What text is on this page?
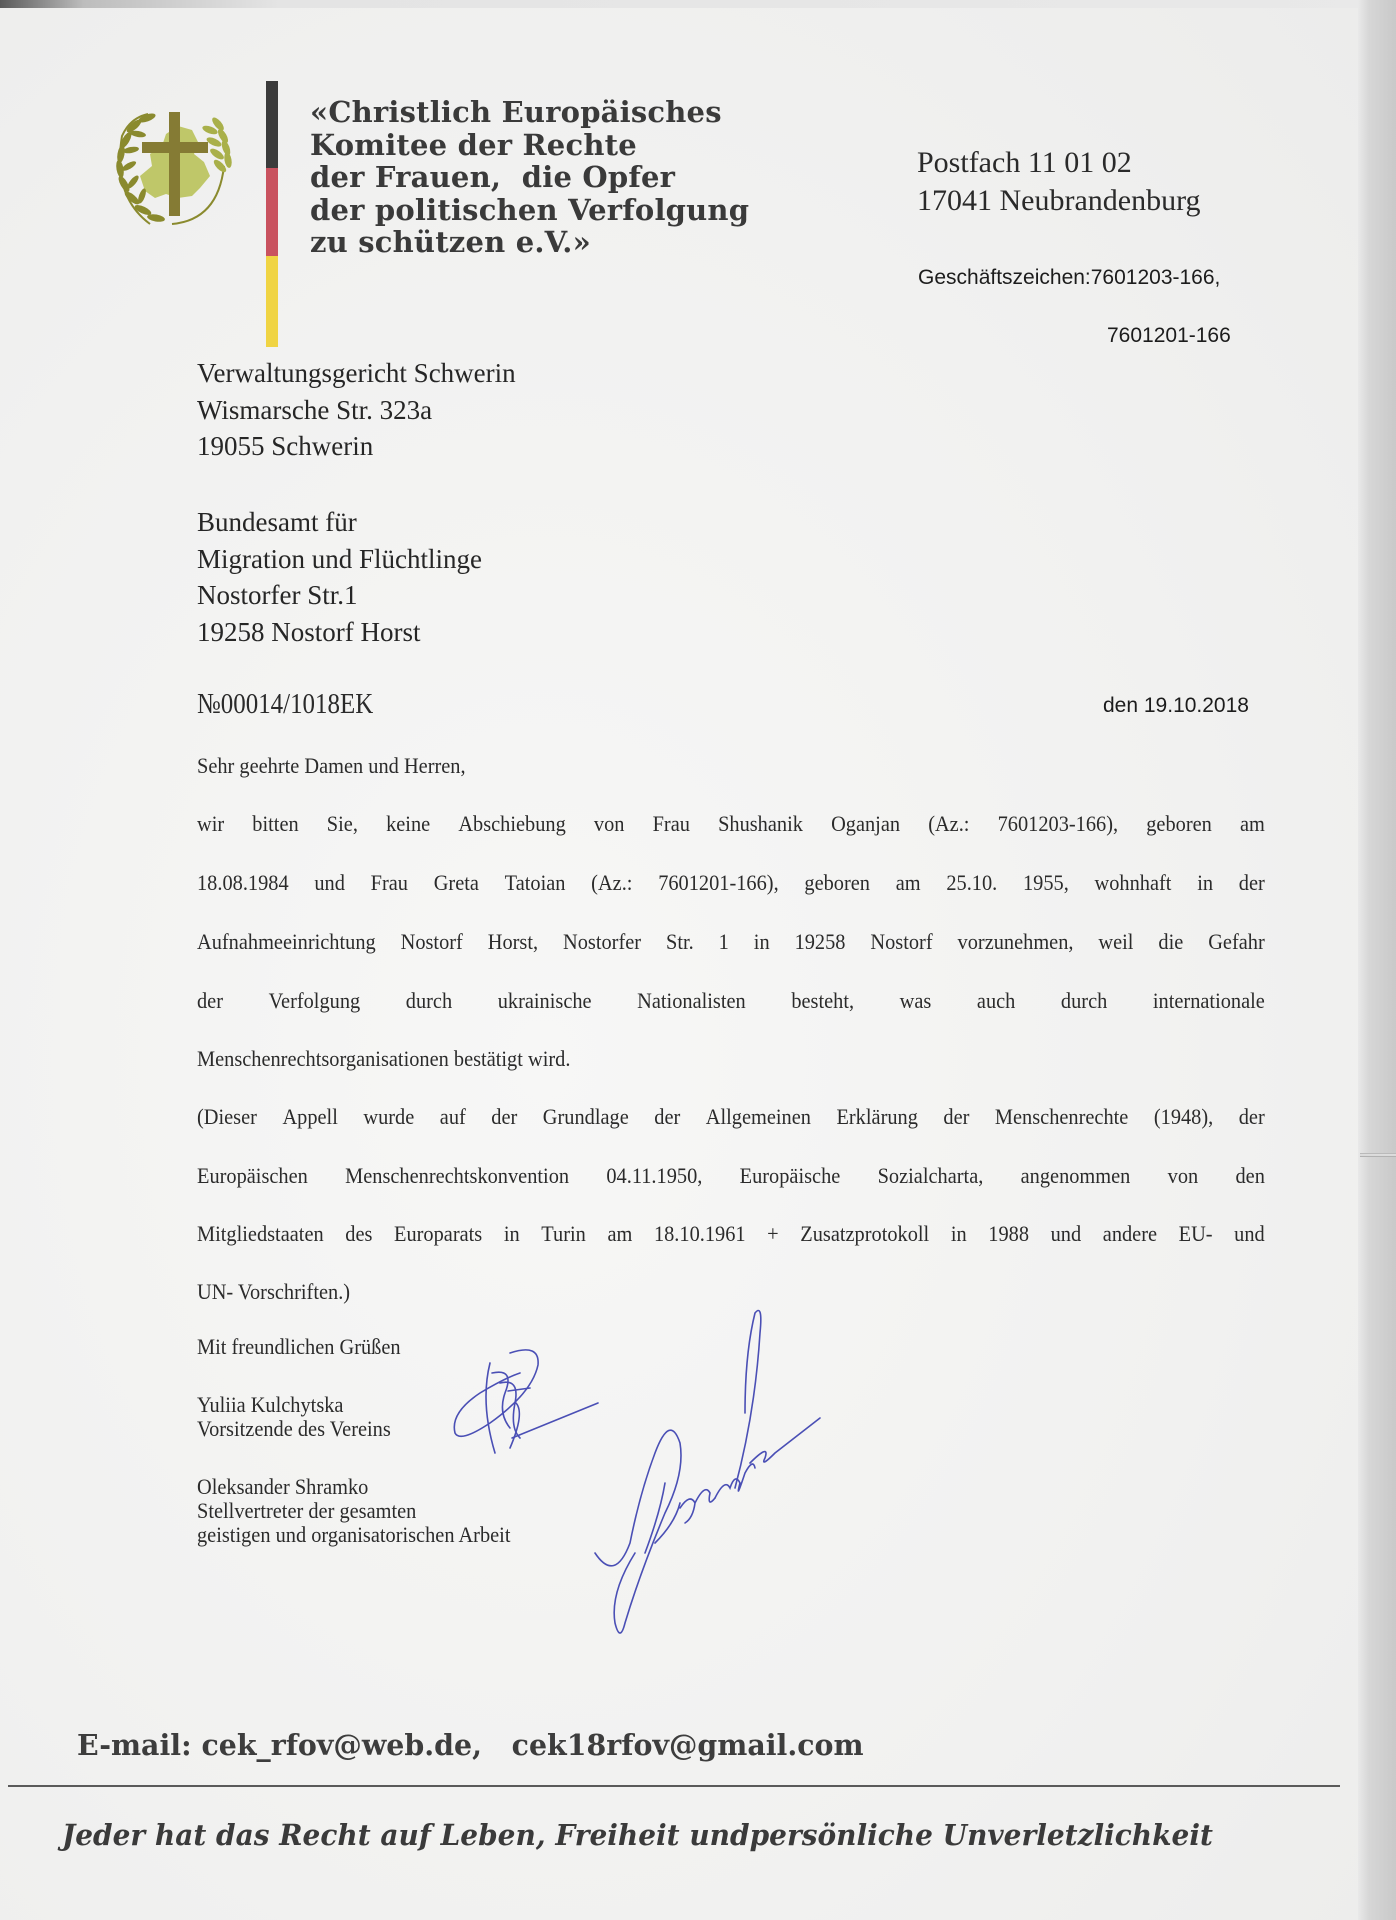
«Christlich Europäisches
Komitee der Rechte
der Frauen,  die Opfer
der politischen Verfolgung
zu schützen e.V.»
Postfach 11 01 02
17041 Neubrandenburg
Geschäftszeichen:7601203-166,
7601201-166
Verwaltungsgericht Schwerin
Wismarsche Str. 323a
19055 Schwerin
Bundesamt für
Migration und Flüchtlinge
Nostorfer Str.1
19258 Nostorf Horst
№00014/1018EK	den 19.10.2018
Sehr geehrte Damen und Herren,
wir bitten Sie, keine Abschiebung von Frau Shushanik Oganjan (Az.: 7601203-166), geboren am
18.08.1984 und Frau Greta Tatoian (Az.: 7601201-166), geboren am 25.10. 1955, wohnhaft in der
Aufnahmeeinrichtung Nostorf Horst, Nostorfer Str. 1 in 19258 Nostorf vorzunehmen, weil die Gefahr
der Verfolgung durch ukrainische Nationalisten besteht, was auch durch internationale
Menschenrechtsorganisationen bestätigt wird.
(Dieser Appell wurde auf der Grundlage der Allgemeinen Erklärung der Menschenrechte (1948), der
Europäischen Menschenrechtskonvention 04.11.1950, Europäische Sozialcharta, angenommen von den
Mitgliedstaaten des Europarats in Turin am 18.10.1961 + Zusatzprotokoll in 1988 und andere EU- und
UN- Vorschriften.)
Mit freundlichen Grüßen
Yuliia Kulchytska
Vorsitzende des Vereins
Oleksander Shramko
Stellvertreter der gesamten
geistigen und organisatorischen Arbeit
E-mail: cek_rfov@web.de,   cek18rfov@gmail.com
Jeder hat das Recht auf Leben, Freiheit undpersönliche Unverletzlichkeit
